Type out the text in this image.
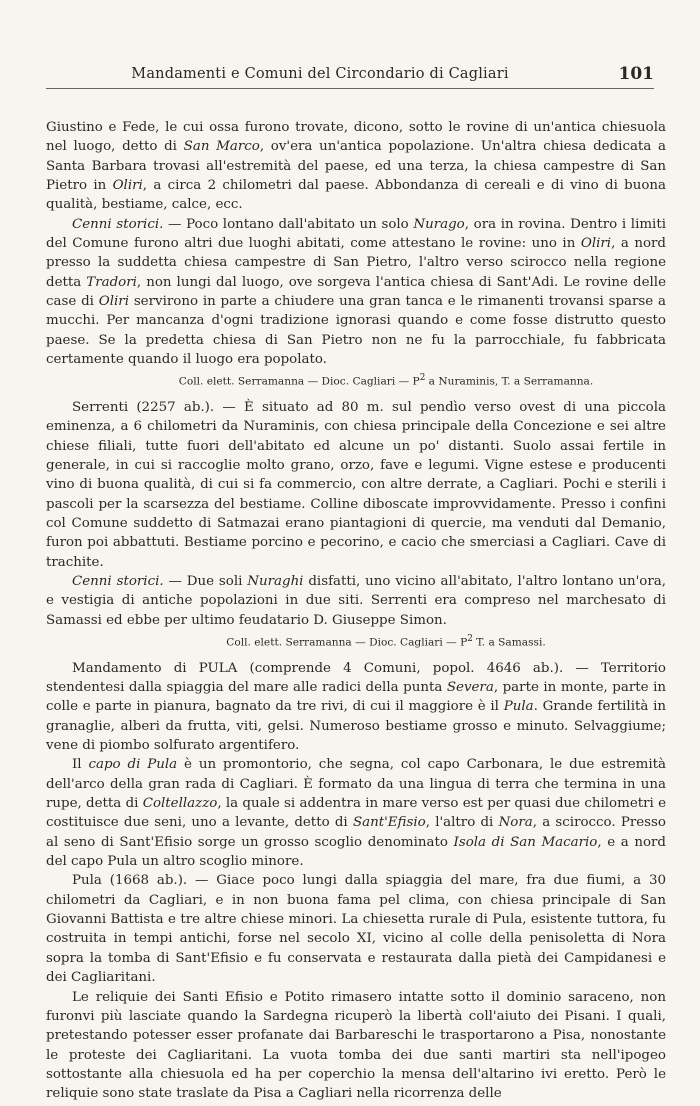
Mandamenti e Comuni del Circondario di Cagliari	101

Giustino e Fede, le cui ossa furono trovate, dicono, sotto le rovine di un'antica chiesuola nel luogo, detto di San Marco, ov'era un'antica popolazione. Un'altra chiesa dedicata a Santa Barbara trovasi all'estremità del paese, ed una terza, la chiesa campestre di San Pietro in Oliri, a circa 2 chilometri dal paese. Abbondanza di cereali e di vino di buona qualità, bestiame, calce, ecc.

Cenni storici. — Poco lontano dall'abitato un solo Nurago, ora in rovina. Dentro i limiti del Comune furono altri due luoghi abitati, come attestano le rovine: uno in Oliri, a nord presso la suddetta chiesa campestre di San Pietro, l'altro verso scirocco nella regione detta Tradori, non lungi dal luogo, ove sorgeva l'antica chiesa di Sant'Adi. Le rovine delle case di Oliri servirono in parte a chiudere una gran tanca e le rimanenti trovansi sparse a mucchi. Per mancanza d'ogni tradizione ignorasi quando e come fosse distrutto questo paese. Se la predetta chiesa di San Pietro non ne fu la parrocchiale, fu fabbricata certamente quando il luogo era popolato.

Coll. elett. Serramanna — Dioc. Cagliari — $P^2$ a Nuraminis, T. a Serramanna.

Serrenti (2257 ab.). — È situato ad 80 m. sul pendìo verso ovest di una piccola eminenza, a 6 chilometri da Nuraminis, con chiesa principale della Concezione e sei altre chiese filiali, tutte fuori dell'abitato ed alcune un po' distanti. Suolo assai fertile in generale, in cui si raccoglie molto grano, orzo, fave e legumi. Vigne estese e producenti vino di buona qualità, di cui si fa commercio, con altre derrate, a Cagliari. Pochi e sterili i pascoli per la scarsezza del bestiame. Colline diboscate improvvidamente. Presso i confini col Comune suddetto di Satmazai erano piantagioni di quercie, ma venduti dal Demanio, furon poi abbattuti. Bestiame porcino e pecorino, e cacio che smerciasi a Cagliari. Cave di trachite.

Cenni storici. — Due soli Nuraghi disfatti, uno vicino all'abitato, l'altro lontano un'ora, e vestigia di antiche popolazioni in due siti. Serrenti era compreso nel marchesato di Samassi ed ebbe per ultimo feudatario D. Giuseppe Simon.

Coll. elett. Serramanna — Dioc. Cagliari — $P^2$ T. a Samassi.

Mandamento di PULA (comprende 4 Comuni, popol. 4646 ab.). — Territorio stendentesi dalla spiaggia del mare alle radici della punta Severa, parte in monte, parte in colle e parte in pianura, bagnato da tre rivi, di cui il maggiore è il Pula. Grande fertilità in granaglie, alberi da frutta, viti, gelsi. Numeroso bestiame grosso e minuto. Selvaggiume; vene di piombo solfurato argentifero.

Il capo di Pula è un promontorio, che segna, col capo Carbonara, le due estremità dell'arco della gran rada di Cagliari. È formato da una lingua di terra che termina in una rupe, detta di Coltellazzo, la quale si addentra in mare verso est per quasi due chilometri e costituisce due seni, uno a levante, detto di Sant'Efisio, l'altro di Nora, a scirocco. Presso al seno di Sant'Efisio sorge un grosso scoglio denominato Isola di San Macario, e a nord del capo Pula un altro scoglio minore.

Pula (1668 ab.). — Giace poco lungi dalla spiaggia del mare, fra due fiumi, a 30 chilometri da Cagliari, e in non buona fama pel clima, con chiesa principale di San Giovanni Battista e tre altre chiese minori. La chiesetta rurale di Pula, esistente tuttora, fu costruita in tempi antichi, forse nel secolo XI, vicino al colle della penisoletta di Nora sopra la tomba di Sant'Efisio e fu conservata e restaurata dalla pietà dei Campidanesi e dei Cagliaritani.

Le reliquie dei Santi Efisio e Potito rimasero intatte sotto il dominio saraceno, non furonvi più lasciate quando la Sardegna ricuperò la libertà coll'aiuto dei Pisani. I quali, pretestando potesser esser profanate dai Barbareschi le trasportarono a Pisa, nonostante le proteste dei Cagliaritani. La vuota tomba dei due santi martiri sta nell'ipogeo sottostante alla chiesuola ed ha per coperchio la mensa dell'altarino ivi eretto. Però le reliquie sono state traslate da Pisa a Cagliari nella ricorrenza delle
